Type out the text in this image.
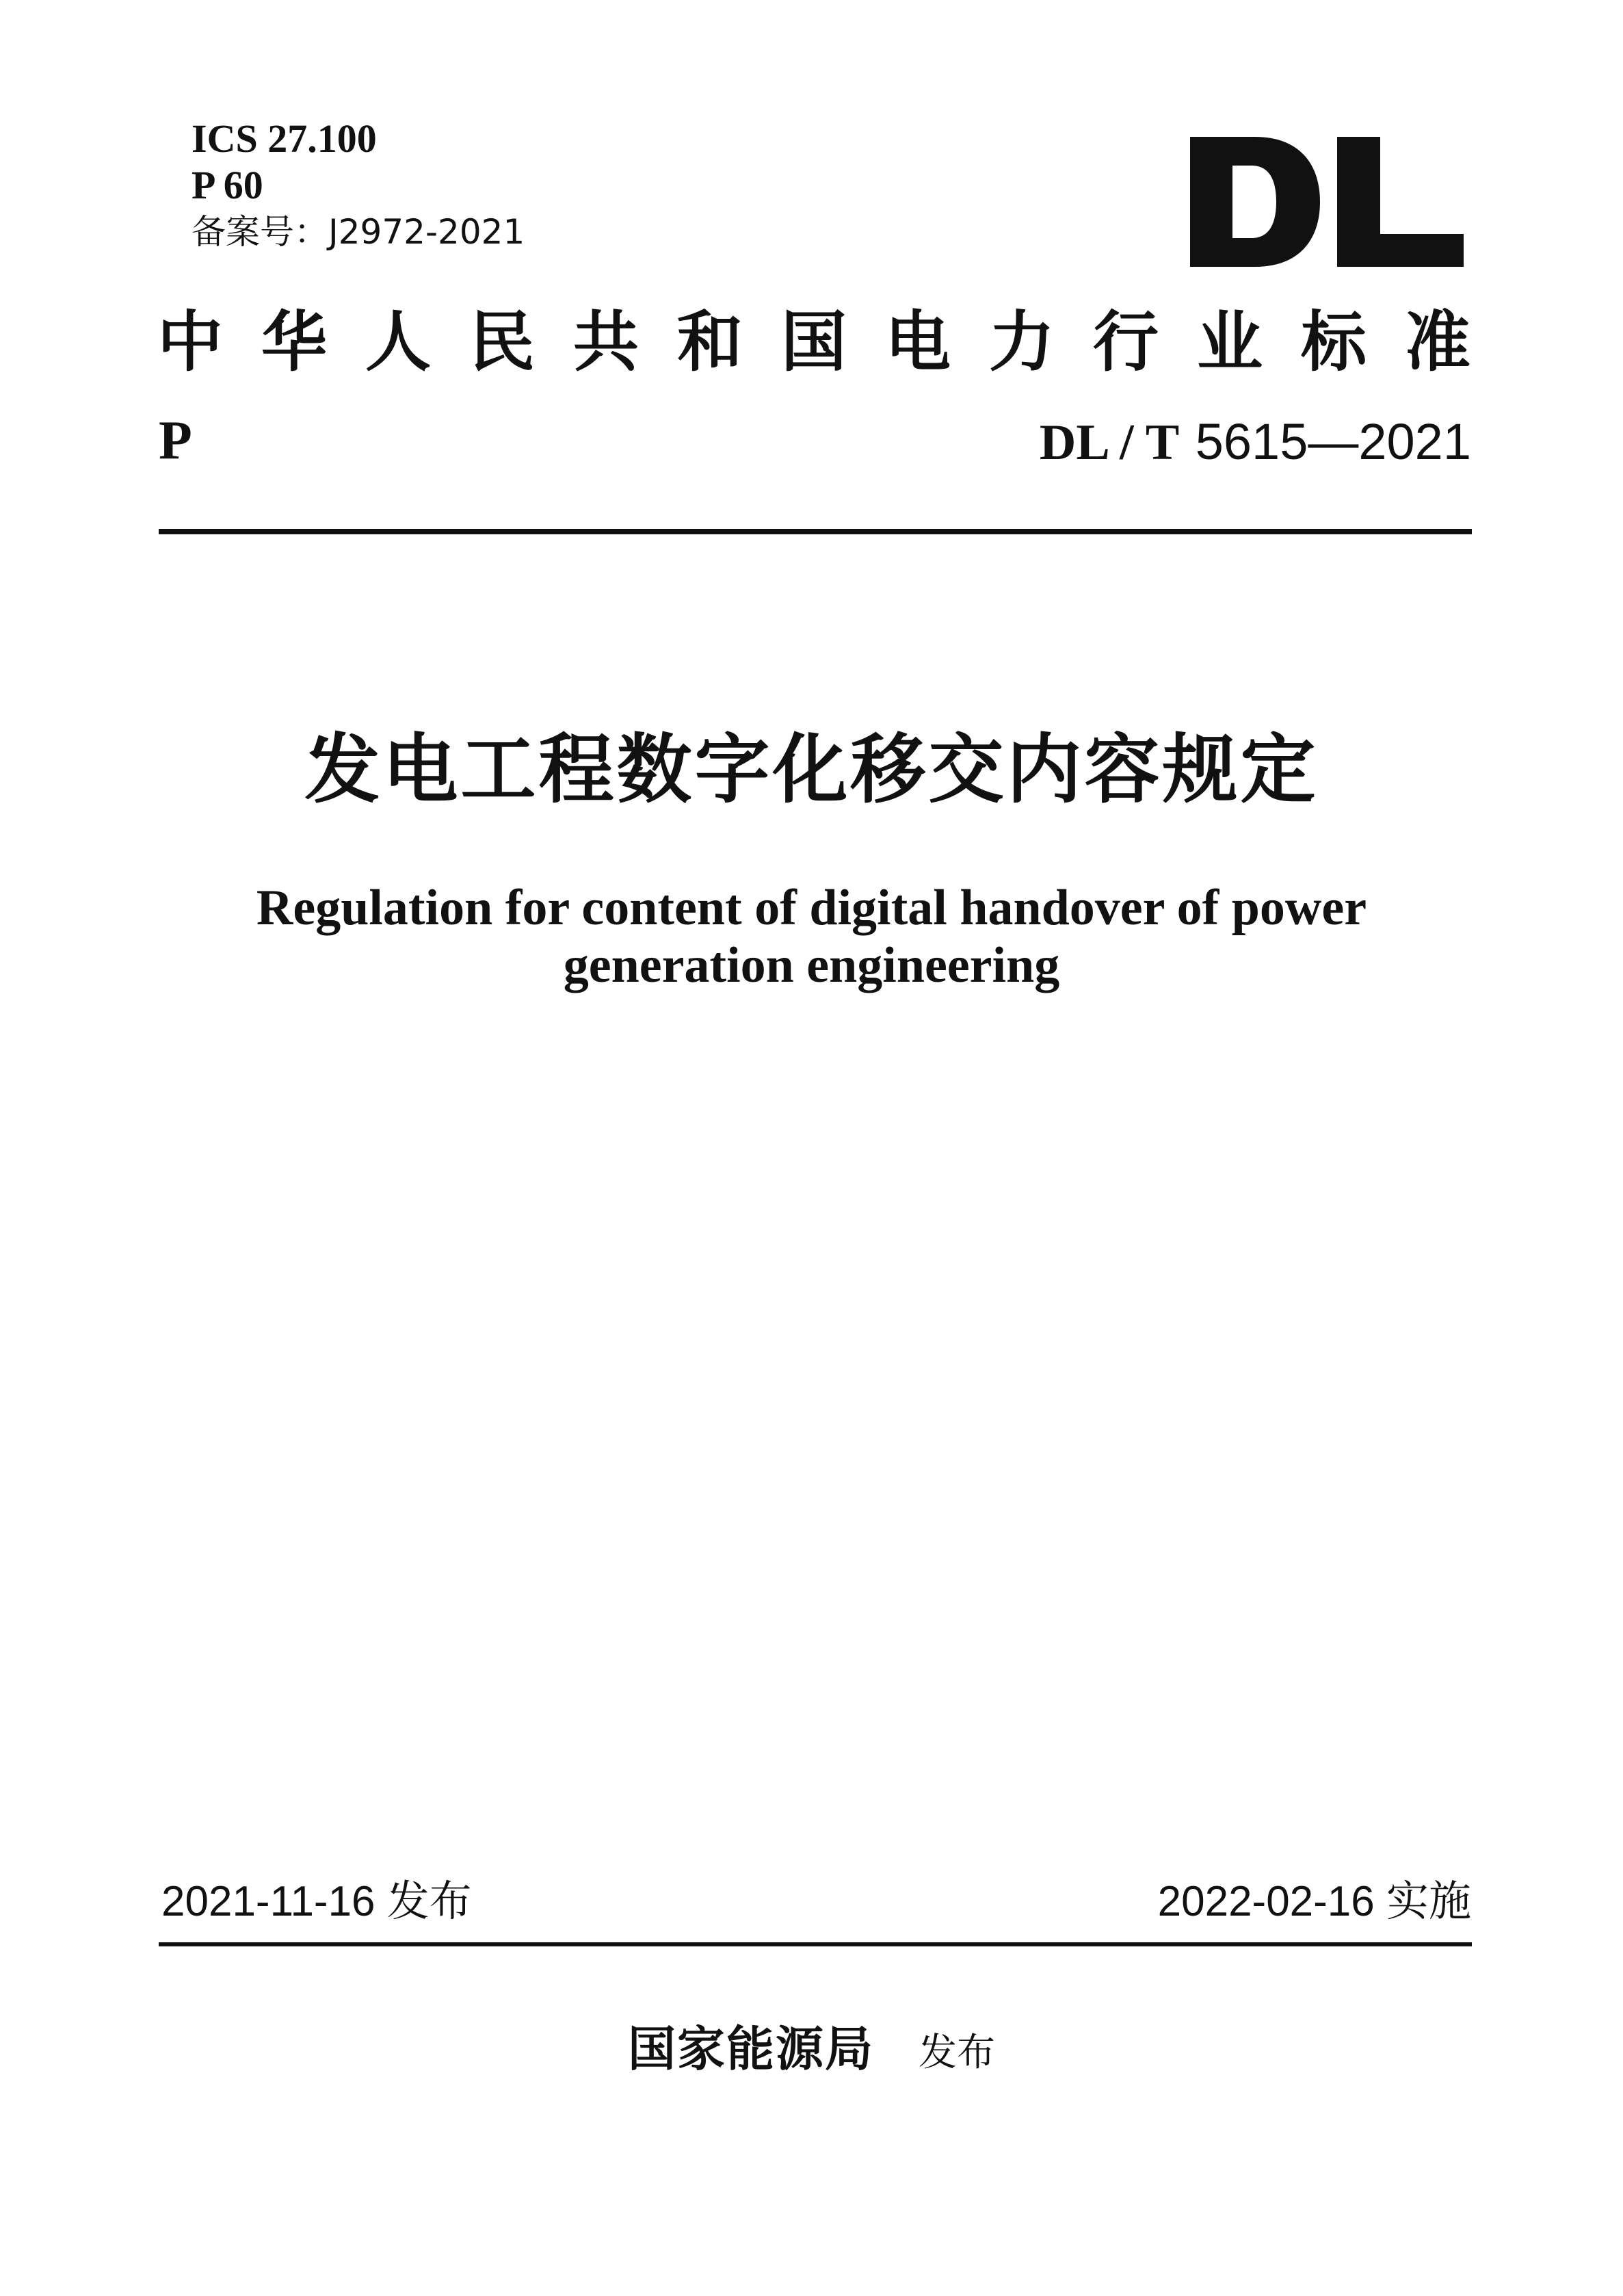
ICS 27.100
P 60
备案号：J2972-2021
中华人民共和国电力行业标准
P	DL / T 5615—2021
发电工程数字化移交内容规定
Regulation for content of digital handover of power generation engineering
2021-11-16 发布	2022-02-16 实施
国家能源局 发布
